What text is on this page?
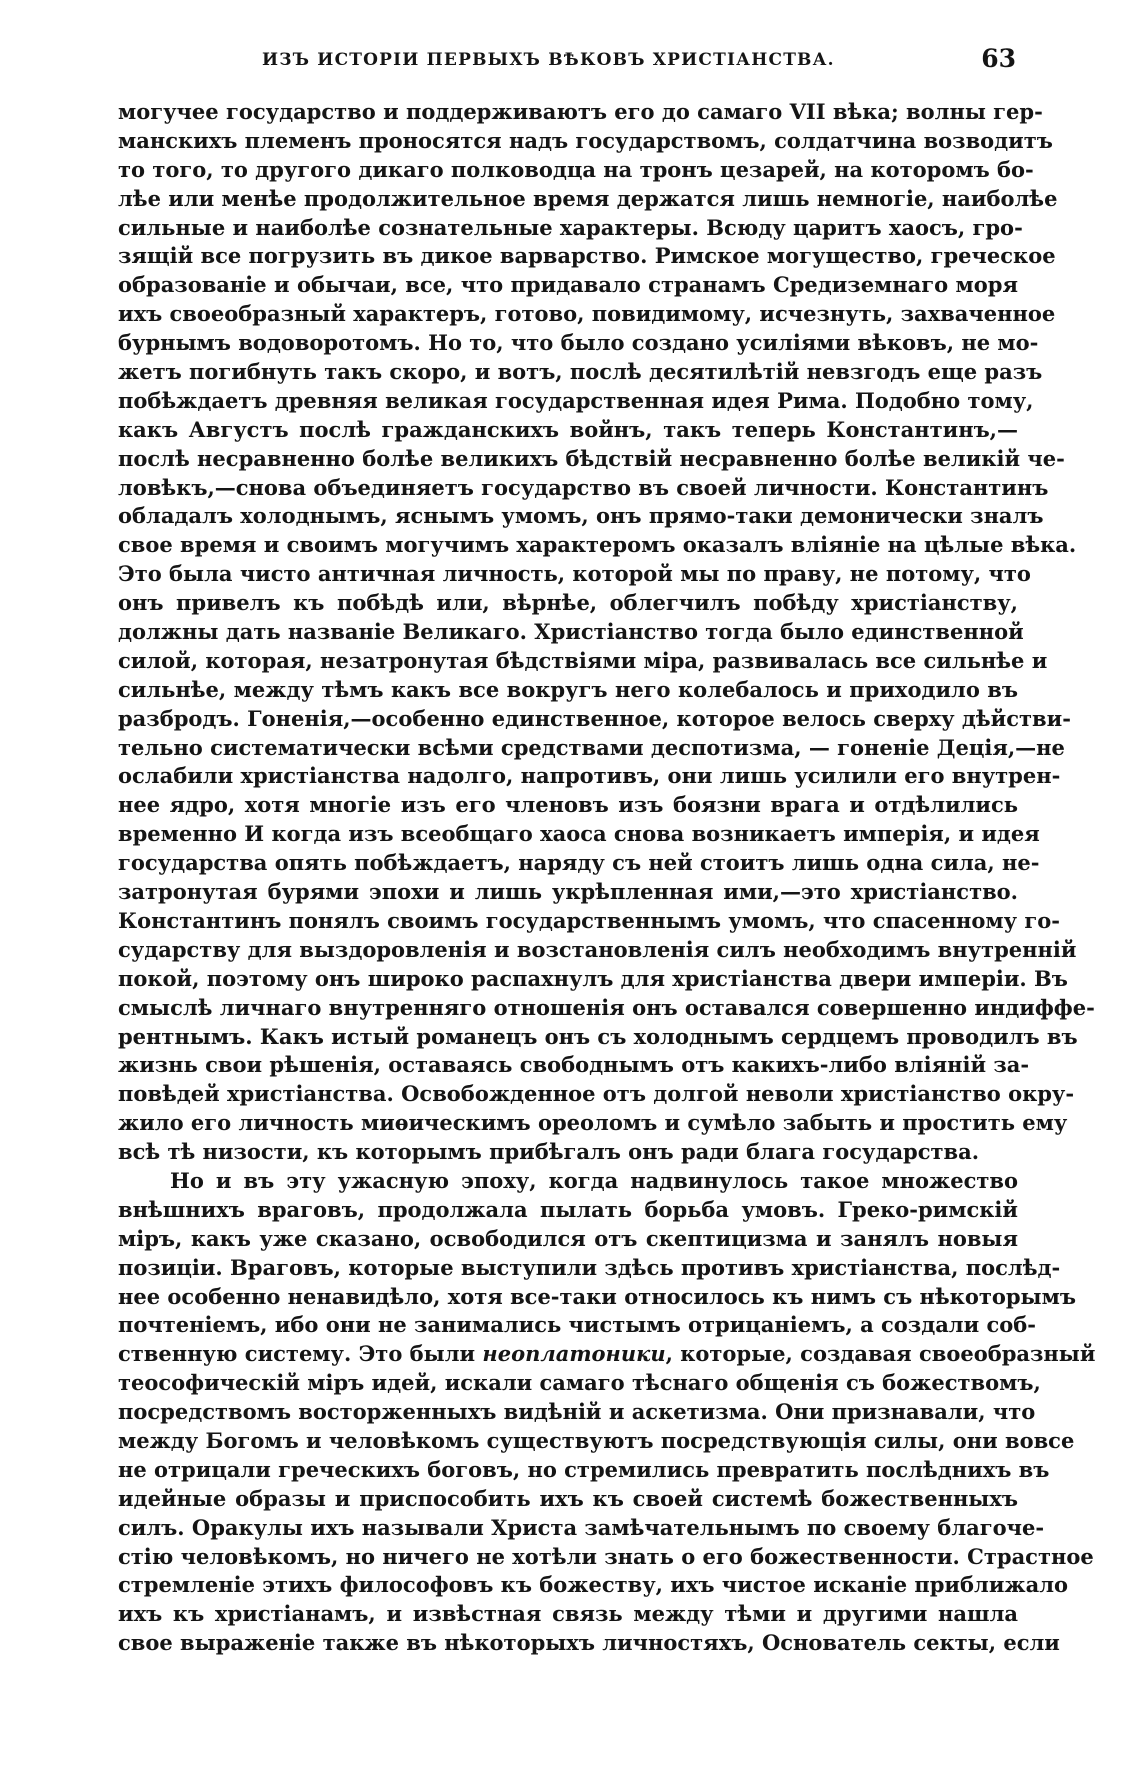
ИЗЪ ИСТОРІИ ПЕРВЫХЪ ВѢКОВЪ ХРИСТІАНСТВА.	63
могучее государство и поддерживаютъ его до самаго VII вѣка; волны гер-
манскихъ племенъ проносятся надъ государствомъ, солдатчина возводитъ
то того, то другого дикаго полководца на тронъ цезарей, на которомъ бо-
лѣе или менѣе продолжительное время держатся лишь немногіе, наиболѣе
сильные и наиболѣе сознательные характеры. Всюду царитъ хаосъ, гро-
зящій все погрузить въ дикое варварство. Римское могущество, греческое
образованіе и обычаи, все, что придавало странамъ Средиземнаго моря
ихъ своеобразный характеръ, готово, повидимому, исчезнуть, захваченное
бурнымъ водоворотомъ. Но то, что было создано усиліями вѣковъ, не мо-
жетъ погибнуть такъ скоро, и вотъ, послѣ десятилѣтій невзгодъ еще разъ
побѣждаетъ древняя великая государственная идея Рима. Подобно тому,
какъ Августъ послѣ гражданскихъ войнъ, такъ теперь Константинъ,—
послѣ несравненно болѣе великихъ бѣдствій несравненно болѣе великій че-
ловѣкъ,—снова объединяетъ государство въ своей личности. Константинъ
обладалъ холоднымъ, яснымъ умомъ, онъ прямо-таки демонически зналъ
свое время и своимъ могучимъ характеромъ оказалъ вліяніе на цѣлые вѣка.
Это была чисто античная личность, которой мы по праву, не потому, что
онъ привелъ къ побѣдѣ или, вѣрнѣе, облегчилъ побѣду христіанству,
должны дать названіе Великаго. Христіанство тогда было единственной
силой, которая, незатронутая бѣдствіями міра, развивалась все сильнѣе и
сильнѣе, между тѣмъ какъ все вокругъ него колебалось и приходило въ
разбродъ. Гоненія,—особенно единственное, которое велось сверху дѣйстви-
тельно систематически всѣми средствами деспотизма, — гоненіе Деція,—не
ослабили христіанства надолго, напротивъ, они лишь усилили его внутрен-
нее ядро, хотя многіе изъ его членовъ изъ боязни врага и отдѣлились
временно И когда изъ всеобщаго хаоса снова возникаетъ имперія, и идея
государства опять побѣждаетъ, наряду съ ней стоитъ лишь одна сила, не-
затронутая бурями эпохи и лишь укрѣпленная ими,—это христіанство.
Константинъ понялъ своимъ государственнымъ умомъ, что спасенному го-
сударству для выздоровленія и возстановленія силъ необходимъ внутренній
покой, поэтому онъ широко распахнулъ для христіанства двери имперіи. Въ
смыслѣ личнаго внутренняго отношенія онъ оставался совершенно индиффе-
рентнымъ. Какъ истый романецъ онъ съ холоднымъ сердцемъ проводилъ въ
жизнь свои рѣшенія, оставаясь свободнымъ отъ какихъ-либо вліяній за-
повѣдей христіанства. Освобожденное отъ долгой неволи христіанство окру-
жило его личность миѳическимъ ореоломъ и сумѣло забыть и простить ему
всѣ тѣ низости, къ которымъ прибѣгалъ онъ ради блага государства.
Но и въ эту ужасную эпоху, когда надвинулось такое множество
внѣшнихъ враговъ, продолжала пылать борьба умовъ. Греко-римскій
міръ, какъ уже сказано, освободился отъ скептицизма и занялъ новыя
позиціи. Враговъ, которые выступили здѣсь противъ христіанства, послѣд-
нее особенно ненавидѣло, хотя все-таки относилось къ нимъ съ нѣкоторымъ
почтеніемъ, ибо они не занимались чистымъ отрицаніемъ, а создали соб-
ственную систему. Это были неоплатоники, которые, создавая своеобразный
теософическій міръ идей, искали самаго тѣснаго общенія съ божествомъ,
посредствомъ восторженныхъ видѣній и аскетизма. Они признавали, что
между Богомъ и человѣкомъ существуютъ посредствующія силы, они вовсе
не отрицали греческихъ боговъ, но стремились превратить послѣднихъ въ
идейные образы и приспособить ихъ къ своей системѣ божественныхъ
силъ. Оракулы ихъ называли Христа замѣчательнымъ по своему благоче-
стію человѣкомъ, но ничего не хотѣли знать о его божественности. Страстное
стремленіе этихъ философовъ къ божеству, ихъ чистое исканіе приближало
ихъ къ христіанамъ, и извѣстная связь между тѣми и другими нашла
свое выраженіе также въ нѣкоторыхъ личностяхъ, Основатель секты, если
